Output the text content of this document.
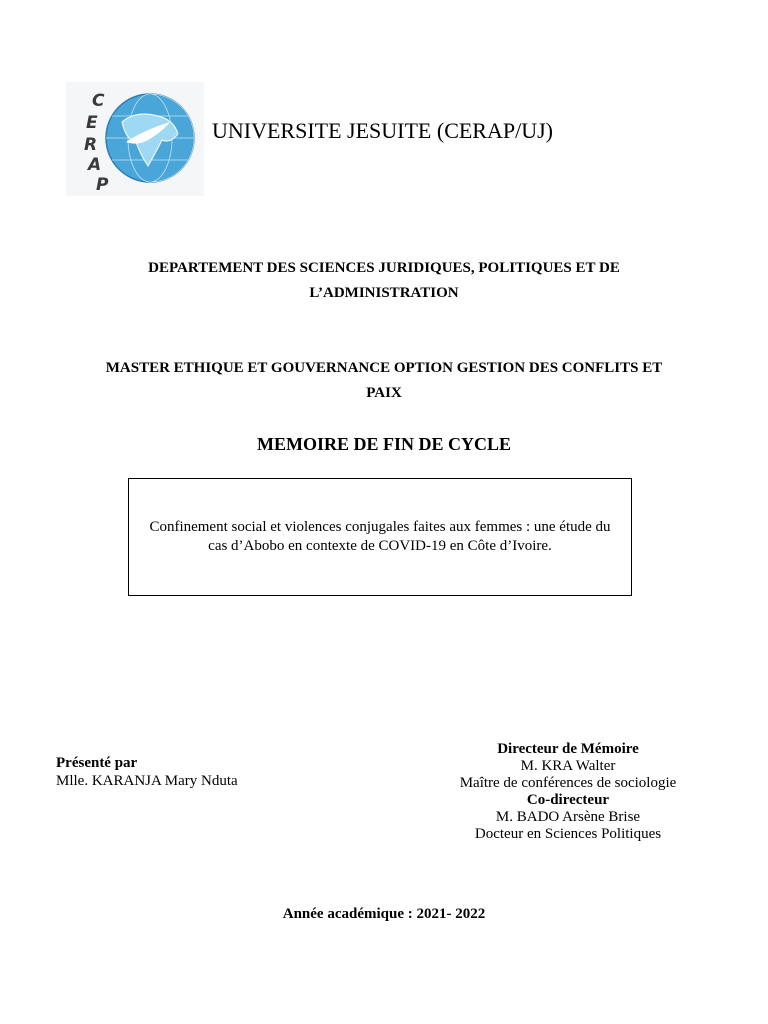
C
E
R
A
P
UNIVERSITE JESUITE (CERAP/UJ)
DEPARTEMENT DES SCIENCES JURIDIQUES, POLITIQUES ET DE
L’ADMINISTRATION
MASTER ETHIQUE ET GOUVERNANCE OPTION GESTION DES CONFLITS ET
PAIX
MEMOIRE DE FIN DE CYCLE
Confinement social et violences conjugales faites aux femmes : une étude du
cas d’Abobo en contexte de COVID-19 en Côte d’Ivoire.
Présenté par
Mlle. KARANJA Mary Nduta
Directeur de Mémoire
M. KRA Walter
Maître de conférences de sociologie
Co-directeur
M. BADO Arsène Brise
Docteur en Sciences Politiques
Année académique : 2021- 2022
